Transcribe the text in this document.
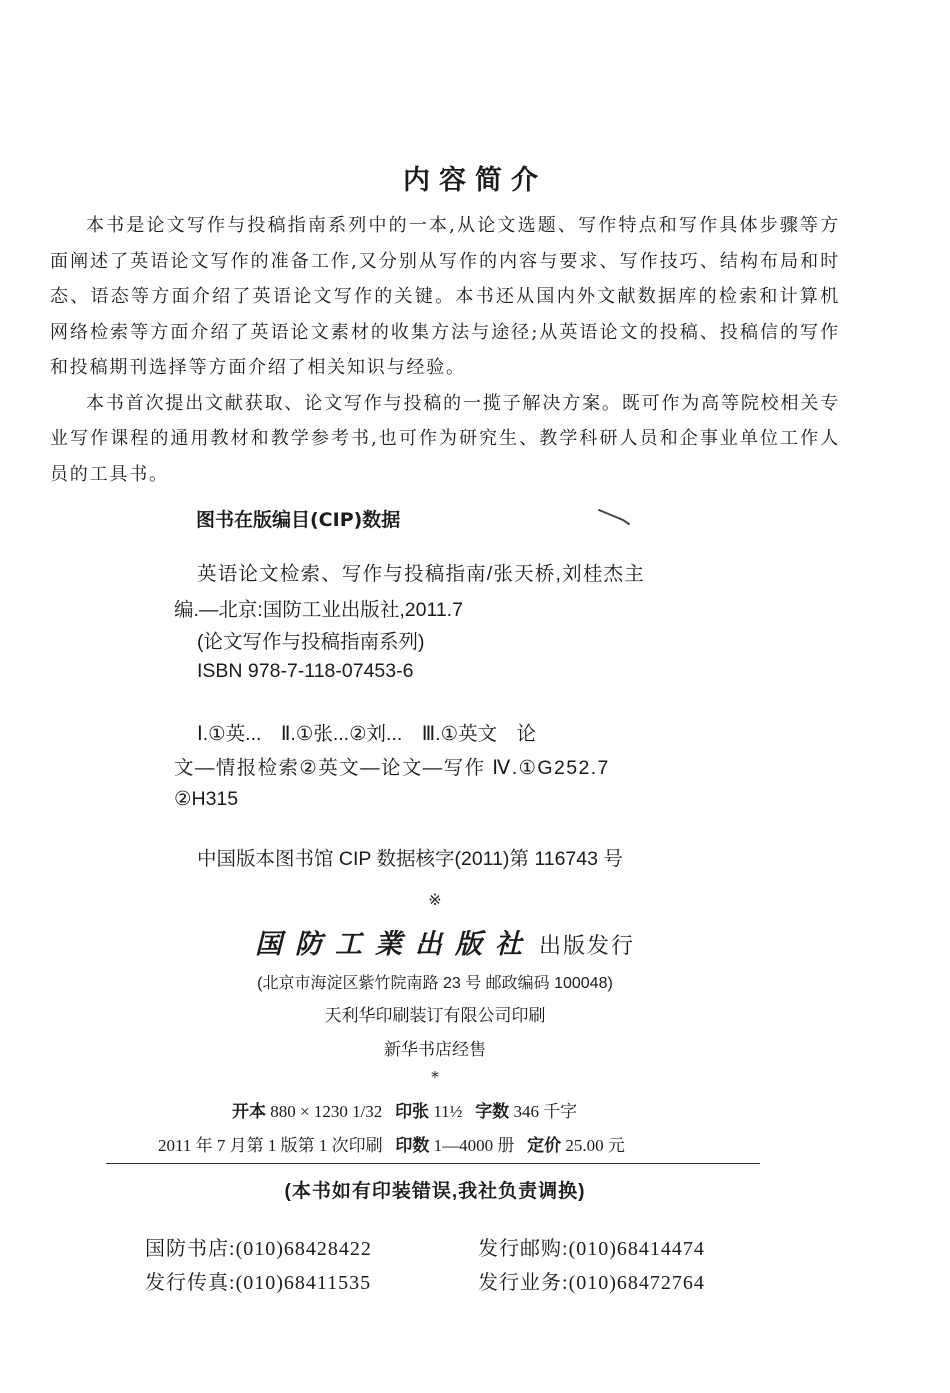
内容简介

本书是论文写作与投稿指南系列中的一本,从论文选题、写作特点和写作具体步骤等方面阐述了英语论文写作的准备工作,又分别从写作的内容与要求、写作技巧、结构布局和时态、语态等方面介绍了英语论文写作的关键。本书还从国内外文献数据库的检索和计算机网络检索等方面介绍了英语论文素材的收集方法与途径;从英语论文的投稿、投稿信的写作和投稿期刊选择等方面介绍了相关知识与经验。

本书首次提出文献获取、论文写作与投稿的一揽子解决方案。既可作为高等院校相关专业写作课程的通用教材和教学参考书,也可作为研究生、教学科研人员和企事业单位工作人员的工具书。

图书在版编目(CIP)数据
英语论文检索、写作与投稿指南/张天桥,刘桂杰主
编.—北京:国防工业出版社,2011.7
(论文写作与投稿指南系列)
ISBN 978-7-118-07453-6
Ⅰ.①英... Ⅱ.①张...②刘... Ⅲ.①英文 论
文—情报检索②英文—论文—写作 Ⅳ.①G252.7
②H315
中国版本图书馆 CIP 数据核字(2011)第 116743 号
※
国防工業出版社 出版发行
(北京市海淀区紫竹院南路 23 号 邮政编码 100048)
天利华印刷装订有限公司印刷
新华书店经售
*
开本 880 × 1230 1/32 印张 11½ 字数 346 千字
2011 年 7 月第 1 版第 1 次印刷 印数 1—4000 册 定价 25.00 元
(本书如有印装错误,我社负责调换)
国防书店:(010)68428422	发行邮购:(010)68414474
发行传真:(010)68411535	发行业务:(010)68472764
